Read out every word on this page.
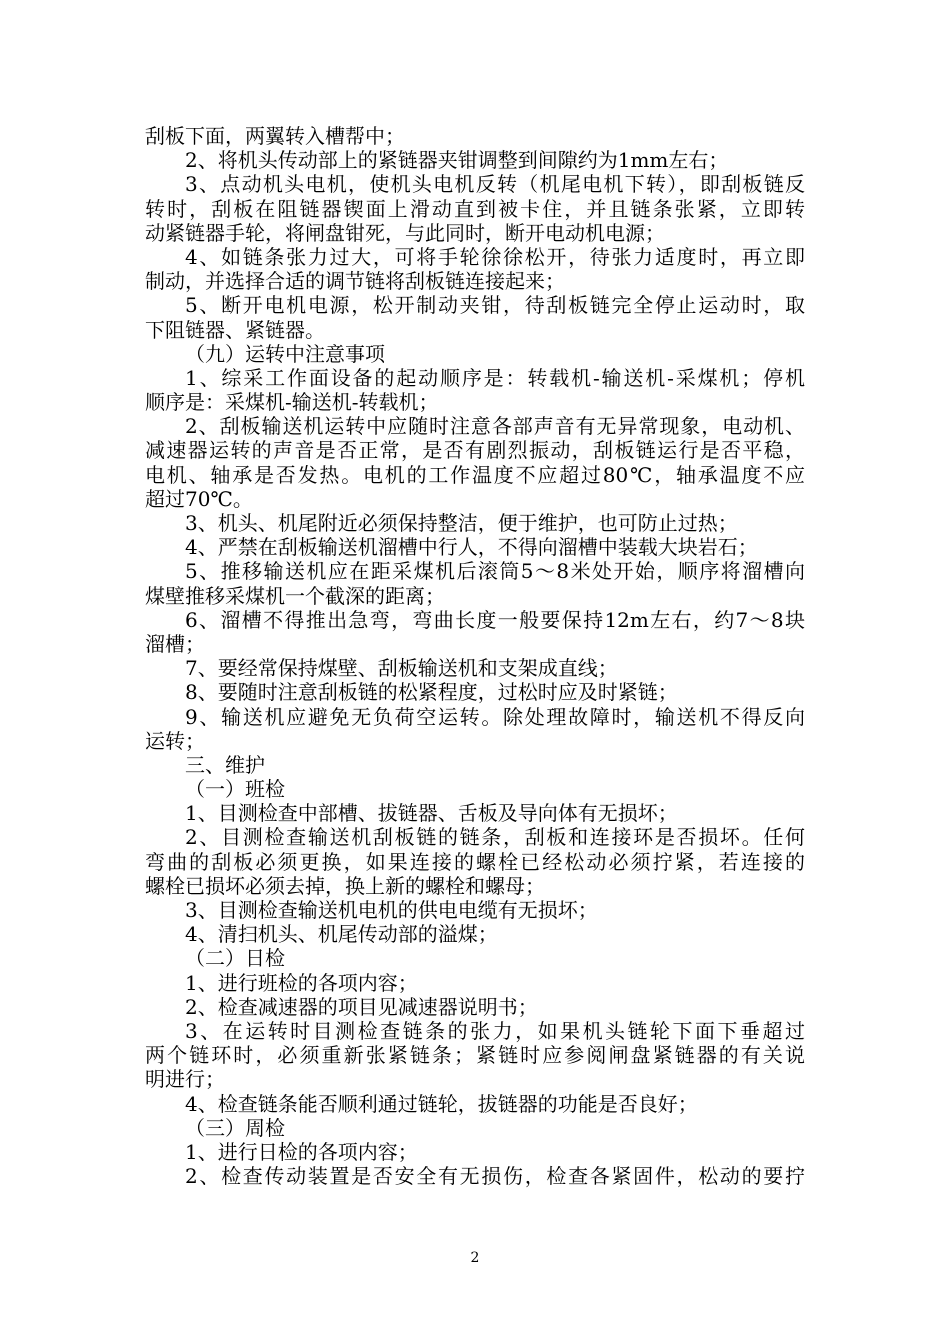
刮板下面，两翼转入槽帮中；
2、将机头传动部上的紧链器夹钳调整到间隙约为1mm左右；
3、点动机头电机，使机头电机反转（机尾电机下转），即刮板链反
转时，刮板在阻链器锲面上滑动直到被卡住，并且链条张紧，立即转
动紧链器手轮，将闸盘钳死，与此同时，断开电动机电源；
4、如链条张力过大，可将手轮徐徐松开，待张力适度时，再立即
制动，并选择合适的调节链将刮板链连接起来；
5、断开电机电源，松开制动夹钳，待刮板链完全停止运动时，取
下阻链器、紧链器。
（九）运转中注意事项
1、综采工作面设备的起动顺序是：转载机-输送机-采煤机；停机
顺序是：采煤机-输送机-转载机；
2、刮板输送机运转中应随时注意各部声音有无异常现象，电动机、
减速器运转的声音是否正常，是否有剧烈振动，刮板链运行是否平稳，
电机、轴承是否发热。电机的工作温度不应超过80℃，轴承温度不应
超过70℃。
3、机头、机尾附近必须保持整洁，便于维护，也可防止过热；
4、严禁在刮板输送机溜槽中行人，不得向溜槽中装载大块岩石；
5、推移输送机应在距采煤机后滚筒5～8米处开始，顺序将溜槽向
煤壁推移采煤机一个截深的距离；
6、溜槽不得推出急弯，弯曲长度一般要保持12m左右，约7～8块
溜槽；
7、要经常保持煤壁、刮板输送机和支架成直线；
8、要随时注意刮板链的松紧程度，过松时应及时紧链；
9、输送机应避免无负荷空运转。除处理故障时，输送机不得反向
运转；
三、维护
（一）班检
1、目测检查中部槽、拔链器、舌板及导向体有无损坏；
2、目测检查输送机刮板链的链条，刮板和连接环是否损坏。任何
弯曲的刮板必须更换，如果连接的螺栓已经松动必须拧紧，若连接的
螺栓已损坏必须去掉，换上新的螺栓和螺母；
3、目测检查输送机电机的供电电缆有无损坏；
4、清扫机头、机尾传动部的溢煤；
（二）日检
1、进行班检的各项内容；
2、检查减速器的项目见减速器说明书；
3、在运转时目测检查链条的张力，如果机头链轮下面下垂超过
两个链环时，必须重新张紧链条；紧链时应参阅闸盘紧链器的有关说
明进行；
4、检查链条能否顺利通过链轮，拔链器的功能是否良好；
（三）周检
1、进行日检的各项内容；
2、检查传动装置是否安全有无损伤，检查各紧固件，松动的要拧
2
